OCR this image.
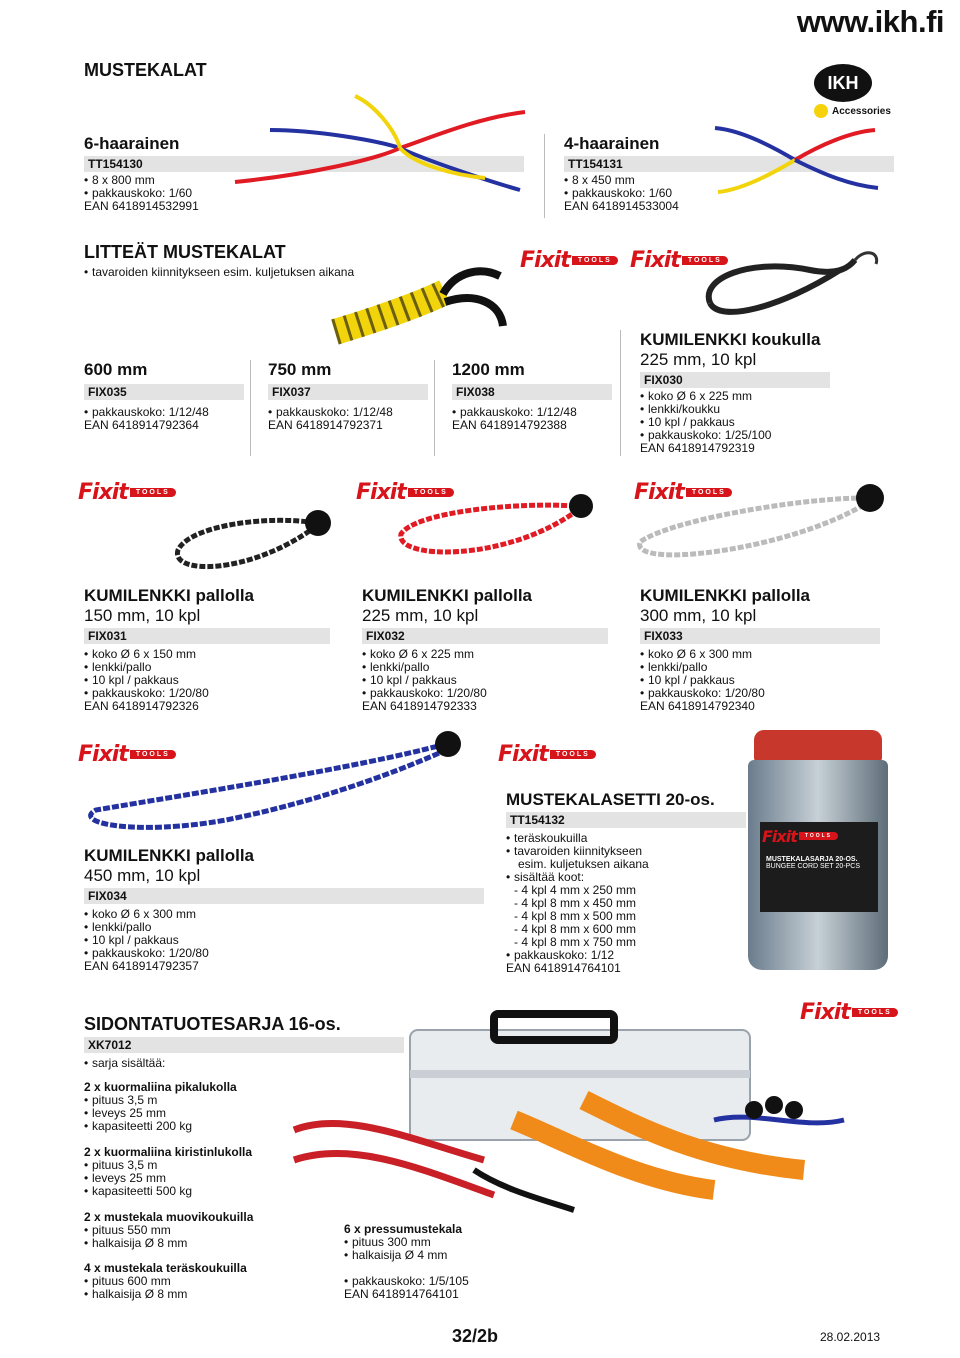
www.ikh.fi
MUSTEKALAT
IKH
Accessories
6-haarainen
TT154130
• 8 x 800 mm
• pakkauskoko: 1/60
EAN 6418914532991
4-haarainen
TT154131
• 8 x 450 mm
• pakkauskoko: 1/60
EAN 6418914533004
LITTEÄT MUSTEKALAT
• tavaroiden kiinnitykseen esim. kuljetuksen aikana	Fixit	TOOLS Fixit	TOOLS
600 mm
FIX035
• pakkauskoko: 1/12/48
EAN 6418914792364
750 mm
FIX037
• pakkauskoko: 1/12/48
EAN 6418914792371
1200 mm
FIX038
• pakkauskoko: 1/12/48
EAN 6418914792388
KUMILENKKI koukulla
225 mm, 10 kpl
FIX030
• koko Ø 6 x 225 mm
• lenkki/koukku
• 10 kpl / pakkaus
• pakkauskoko: 1/25/100
EAN 6418914792319
Fixit	TOOLS	Fixit	TOOLS	Fixit	TOOLS
KUMILENKKI pallolla
150 mm, 10 kpl
FIX031
• koko Ø 6 x 150 mm
• lenkki/pallo
• 10 kpl / pakkaus
• pakkauskoko: 1/20/80
EAN 6418914792326
KUMILENKKI pallolla
225 mm, 10 kpl
FIX032
• koko Ø 6 x 225 mm
• lenkki/pallo
• 10 kpl / pakkaus
• pakkauskoko: 1/20/80
EAN 6418914792333
KUMILENKKI pallolla
300 mm, 10 kpl
FIX033
• koko Ø 6 x 300 mm
• lenkki/pallo
• 10 kpl / pakkaus
• pakkauskoko: 1/20/80
EAN 6418914792340
Fixit	TOOLS	Fixit	TOOLS
KUMILENKKI pallolla
450 mm, 10 kpl
FIX034
• koko Ø 6 x 300 mm
• lenkki/pallo
• 10 kpl / pakkaus
• pakkauskoko: 1/20/80
EAN 6418914792357
MUSTEKALASETTI 20-os.
TT154132
• teräskoukuilla
• tavaroiden kiinnitykseen
esim. kuljetuksen aikana
• sisältää koot:
- 4 kpl 4 mm x 250 mm
- 4 kpl 8 mm x 450 mm
- 4 kpl 8 mm x 500 mm
- 4 kpl 8 mm x 600 mm
- 4 kpl 8 mm x 750 mm
• pakkauskoko: 1/12
EAN 6418914764101
MUSTEKALASARJA 20-OS.
BUNGEE CORD SET 20-PCS
Fixit	TOOLS
Fixit	TOOLS
SIDONTATUOTESARJA 16-os.
XK7012
• sarja sisältää:
2 x kuormaliina pikalukolla
• pituus 3,5 m
• leveys 25 mm
• kapasiteetti 200 kg
2 x kuormaliina kiristinlukolla
• pituus 3,5 m
• leveys 25 mm
• kapasiteetti 500 kg
2 x mustekala muovikoukuilla
• pituus 550 mm
• halkaisija Ø 8 mm
4 x mustekala teräskoukuilla
• pituus 600 mm
• halkaisija Ø 8 mm
6 x pressumustekala
• pituus 300 mm
• halkaisija Ø 4 mm
• pakkauskoko: 1/5/105
EAN 6418914764101
32/2b	28.02.2013
